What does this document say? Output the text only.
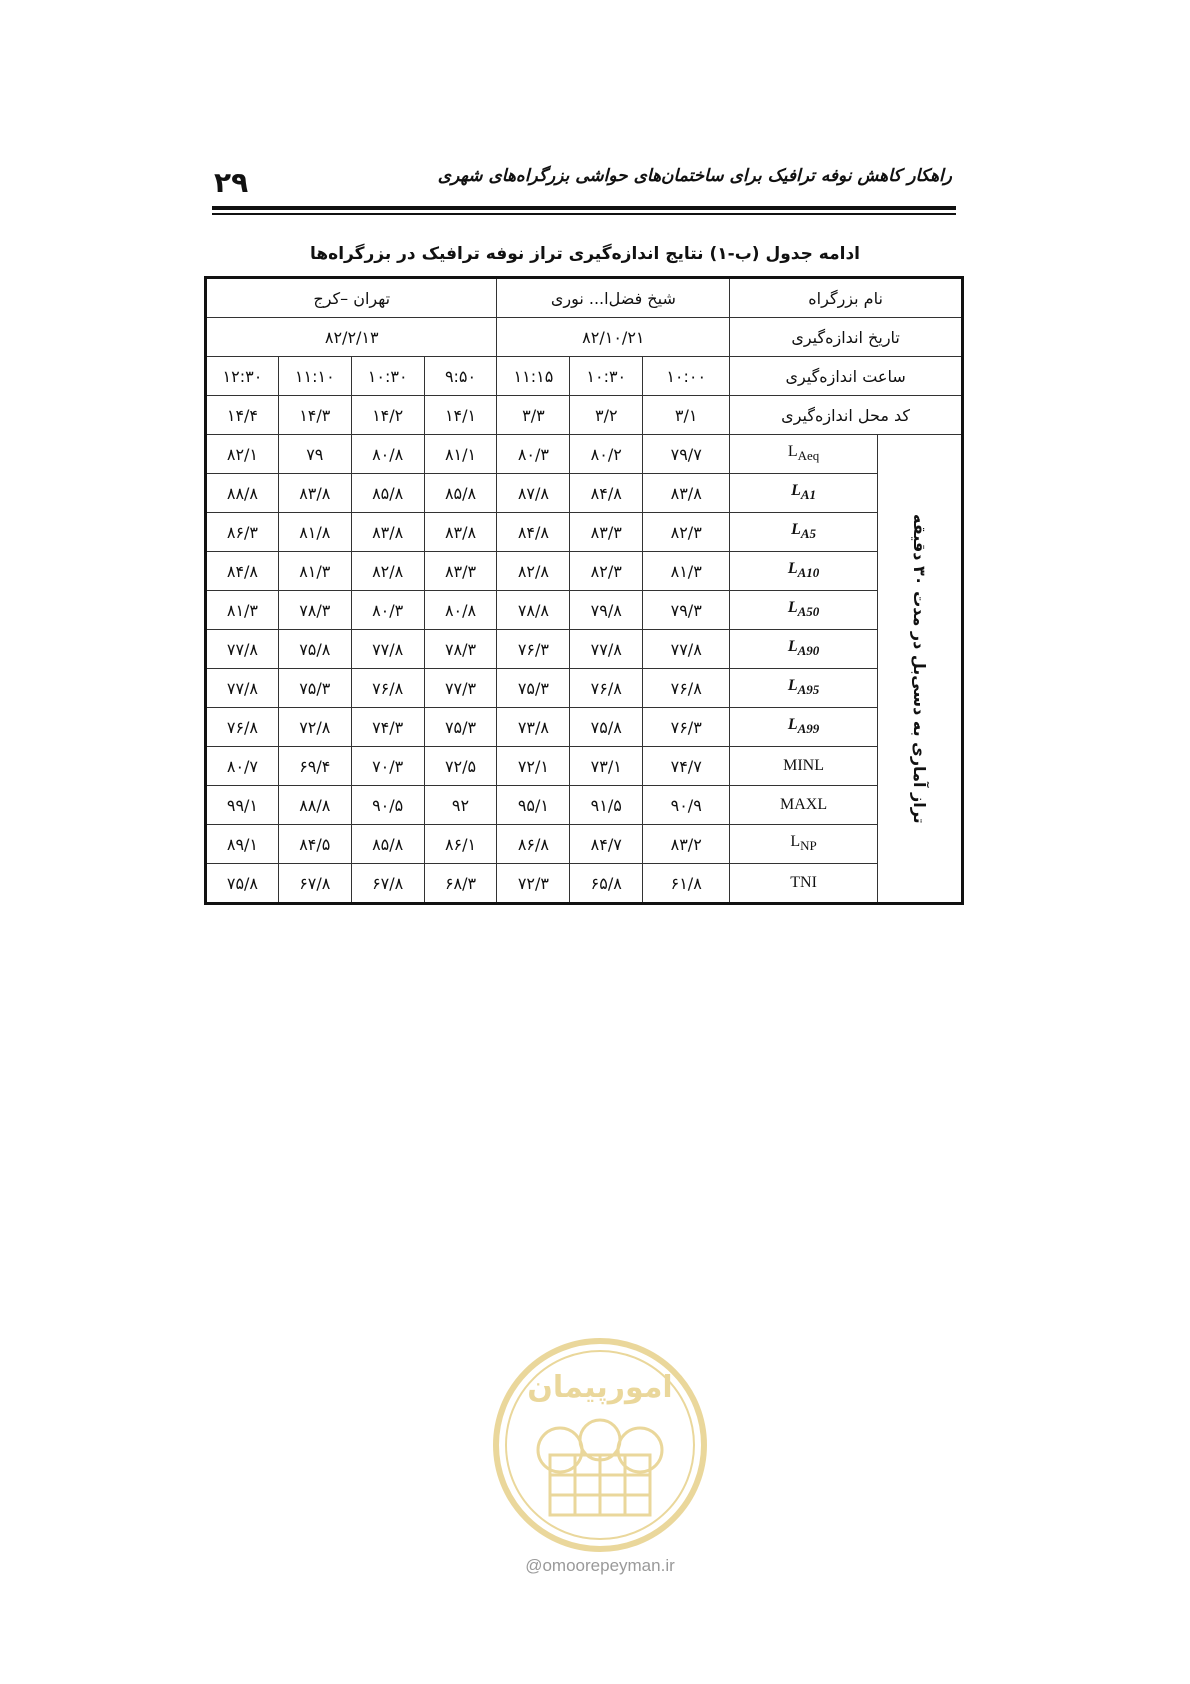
۲۹	راهکار کاهش نوفه ترافیک برای ساختمان‌های حواشی بزرگراه‌های شهری
ادامه جدول (ب-۱) نتایج اندازه‌گیری تراز نوفه ترافیک در بزرگراه‌ها
تهران –کرج				شیخ فضل‌ا... نوری			نام بزرگراه	
۸۲/۲/۱۳				۸۲/۱۰/۲۱			تاریخ اندازه‌گیری	
۱۲:۳۰	۱۱:۱۰	۱۰:۳۰	۹:۵۰	۱۱:۱۵	۱۰:۳۰	۱۰:۰۰	ساعت اندازه‌گیری	
۱۴/۴	۱۴/۳	۱۴/۲	۱۴/۱	۳/۳	۳/۲	۳/۱	کد محل اندازه‌گیری	
۸۲/۱	۷۹	۸۰/۸	۸۱/۱	۸۰/۳	۸۰/۲	۷۹/۷	$L_{Aeq}$	تراز آماری به دسی‌بل در مدت ۳۰ دقیقه
۸۸/۸	۸۳/۸	۸۵/۸	۸۵/۸	۸۷/۸	۸۴/۸	۸۳/۸	$L_{A1}$
۸۶/۳	۸۱/۸	۸۳/۸	۸۳/۸	۸۴/۸	۸۳/۳	۸۲/۳	$L_{A5}$
۸۴/۸	۸۱/۳	۸۲/۸	۸۳/۳	۸۲/۸	۸۲/۳	۸۱/۳	$L_{A10}$
۸۱/۳	۷۸/۳	۸۰/۳	۸۰/۸	۷۸/۸	۷۹/۸	۷۹/۳	$L_{A50}$
۷۷/۸	۷۵/۸	۷۷/۸	۷۸/۳	۷۶/۳	۷۷/۸	۷۷/۸	$L_{A90}$
۷۷/۸	۷۵/۳	۷۶/۸	۷۷/۳	۷۵/۳	۷۶/۸	۷۶/۸	$L_{A95}$
۷۶/۸	۷۲/۸	۷۴/۳	۷۵/۳	۷۳/۸	۷۵/۸	۷۶/۳	$L_{A99}$
۸۰/۷	۶۹/۴	۷۰/۳	۷۲/۵	۷۲/۱	۷۳/۱	۷۴/۷	MINL	
۹۹/۱	۸۸/۸	۹۰/۵	۹۲	۹۵/۱	۹۱/۵	۹۰/۹	MAXL	
۸۹/۱	۸۴/۵	۸۵/۸	۸۶/۱	۸۶/۸	۸۴/۷	۸۳/۲	$L_{NP}$
۷۵/۸	۶۷/۸	۶۷/۸	۶۸/۳	۷۲/۳	۶۵/۸	۶۱/۸	TNI	
امورپیمان
@omoorepeyman.ir
